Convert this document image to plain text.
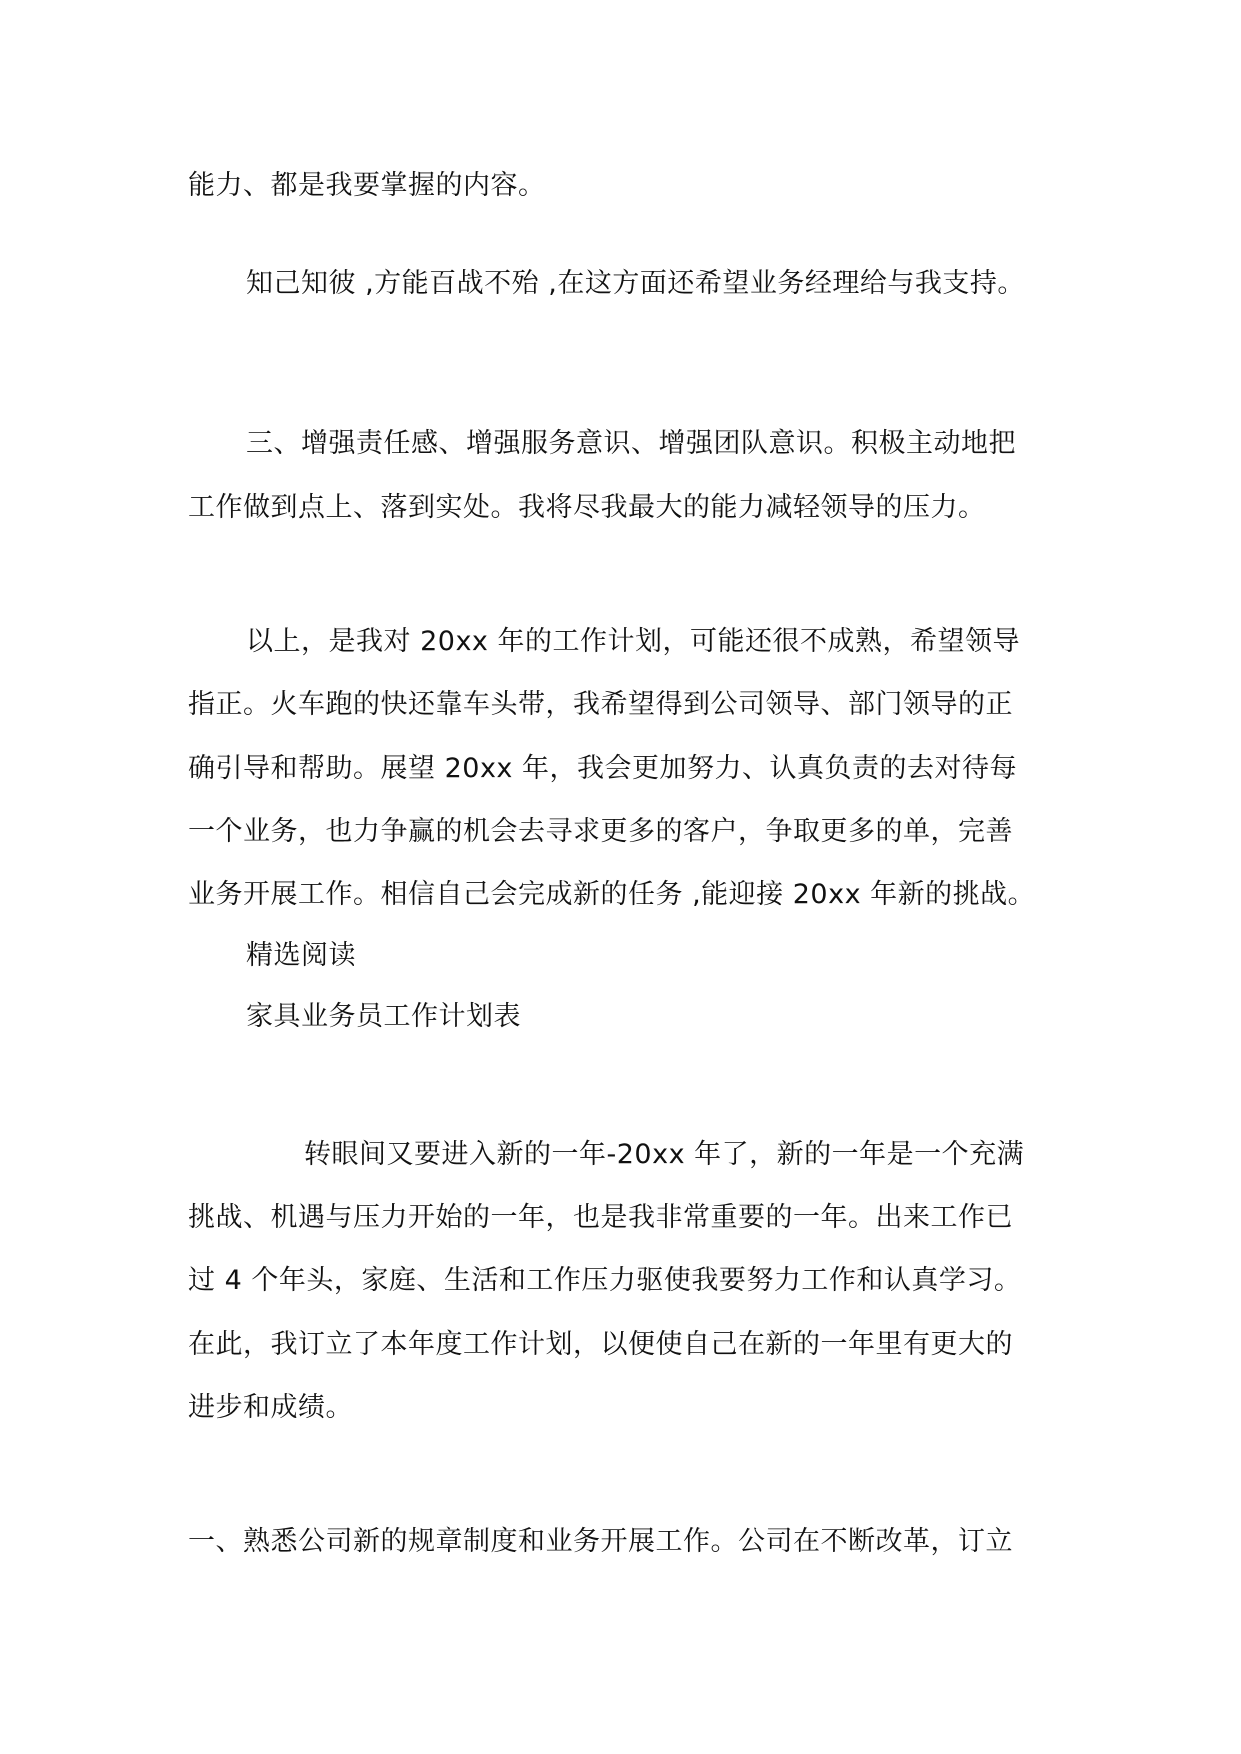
能力、都是我要掌握的内容。
知己知彼 ,方能百战不殆 ,在这方面还希望业务经理给与我支持。
三、增强责任感、增强服务意识、增强团队意识。积极主动地把
工作做到点上、落到实处。我将尽我最大的能力减轻领导的压力。
以上，是我对 20xx 年的工作计划，可能还很不成熟，希望领导
指正。火车跑的快还靠车头带，我希望得到公司领导、部门领导的正
确引导和帮助。展望 20xx 年，我会更加努力、认真负责的去对待每
一个业务，也力争赢的机会去寻求更多的客户，争取更多的单，完善
业务开展工作。相信自己会完成新的任务 ,能迎接 20xx 年新的挑战。
精选阅读
家具业务员工作计划表
转眼间又要进入新的一年-20xx 年了，新的一年是一个充满
挑战、机遇与压力开始的一年，也是我非常重要的一年。出来工作已
过 4 个年头，家庭、生活和工作压力驱使我要努力工作和认真学习。
在此，我订立了本年度工作计划，以便使自己在新的一年里有更大的
进步和成绩。
一、熟悉公司新的规章制度和业务开展工作。公司在不断改革，订立
